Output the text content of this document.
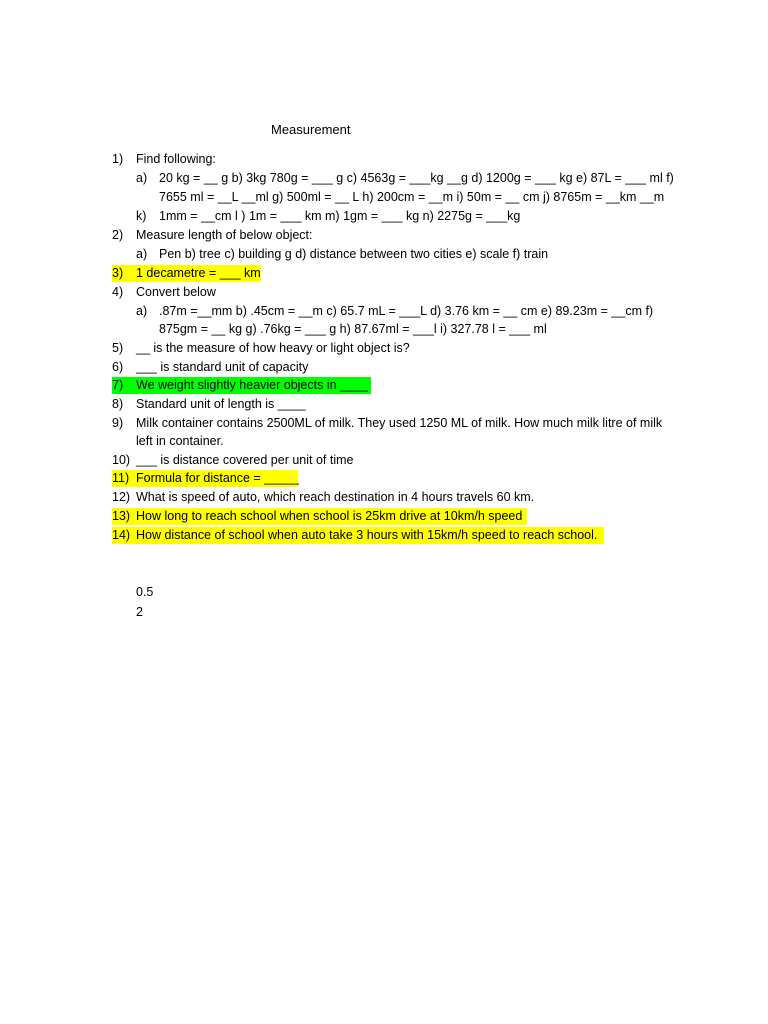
Measurement
1) Find following:
a) 20 kg = __ g b) 3kg 780g = ___ g c) 4563g = ___kg __g d) 1200g = ___ kg e) 87L = ___ ml f)
7655 ml = __L __ml g) 500ml = __ L h) 200cm = __m i) 50m = __ cm j) 8765m = __km __m
k) 1mm = __cm l ) 1m = ___ km m) 1gm = ___ kg n) 2275g = ___kg
2) Measure length of below object:
a) Pen b) tree c) building g d) distance between two cities e) scale f) train
3) 1 decametre = ___ km
4) Convert below
a) .87m =__mm b) .45cm = __m c) 65.7 mL = ___L d) 3.76 km = __ cm e) 89.23m = __cm f)
875gm = __ kg g) .76kg = ___ g h) 87.67ml = ___l i) 327.78 l = ___ ml
5) __ is the measure of how heavy or light object is?
6) ___ is standard unit of capacity
7) We weight slightly heavier objects in ____
8) Standard unit of length is ____
9) Milk container contains 2500ML of milk. They used 1250 ML of milk. How much milk litre of milk
left in container.
10) ___ is distance covered per unit of time
11) Formula for distance = _____
12) What is speed of auto, which reach destination in 4 hours travels 60 km.
13) How long to reach school when school is 25km drive at 10km/h speed
14) How distance of school when auto take 3 hours with 15km/h speed to reach school.
0.5
2
